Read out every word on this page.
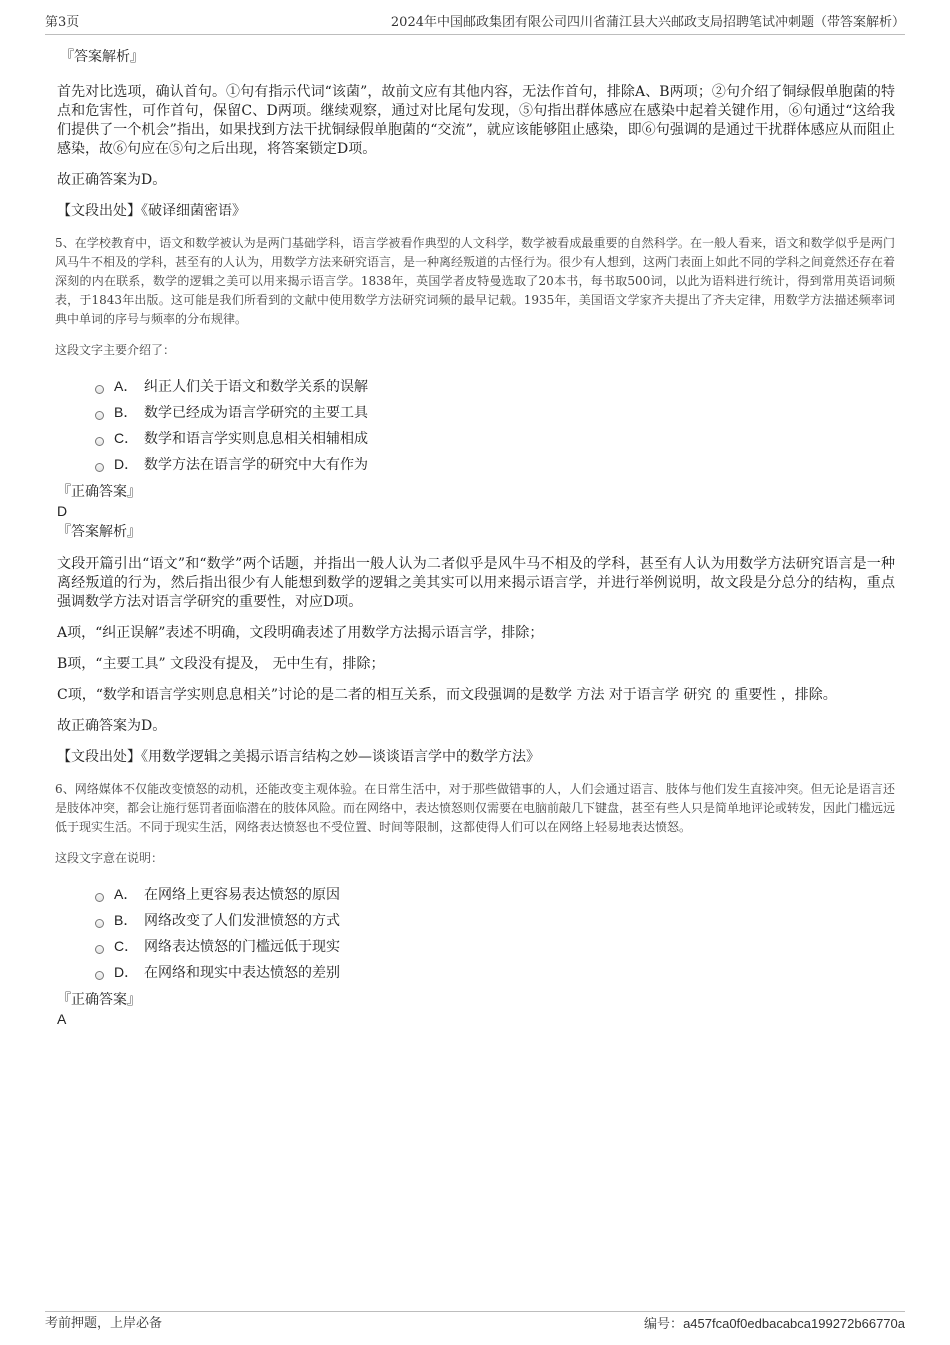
第3页	2024年中国邮政集团有限公司四川省蒲江县大兴邮政支局招聘笔试冲刺题（带答案解析）
『答案解析』
首先对比选项，确认首句。①句有指示代词“该菌”，故前文应有其他内容，无法作首句，排除A、B两项；②句介绍了铜绿假单胞菌的特点和危害性，可作首句，保留C、D两项。继续观察，通过对比尾句发现，⑤句指出群体感应在感染中起着关键作用，⑥句通过“这给我们提供了一个机会”指出，如果找到方法干扰铜绿假单胞菌的“交流”，就应该能够阻止感染，即⑥句强调的是通过干扰群体感应从而阻止感染，故⑥句应在⑤句之后出现，将答案锁定D项。
故正确答案为D。
【文段出处】《破译细菌密语》
5、在学校教育中，语文和数学被认为是两门基础学科，语言学被看作典型的人文科学，数学被看成最重要的自然科学。在一般人看来，语文和数学似乎是两门风马牛不相及的学科，甚至有的人认为，用数学方法来研究语言，是一种离经叛道的古怪行为。很少有人想到，这两门表面上如此不同的学科之间竟然还存在着深刻的内在联系，数学的逻辑之美可以用来揭示语言学。1838年，英国学者皮特曼选取了20本书，每书取500词，以此为语料进行统计，得到常用英语词频表，于1843年出版。这可能是我们所看到的文献中使用数学方法研究词频的最早记载。1935年，美国语文学家齐夫提出了齐夫定律，用数学方法描述频率词典中单词的序号与频率的分布规律。
这段文字主要介绍了：
A． 纠正人们关于语文和数学关系的误解
B． 数学已经成为语言学研究的主要工具
C． 数学和语言学实则息息相关相辅相成
D． 数学方法在语言学的研究中大有作为
『正确答案』
D
『答案解析』
文段开篇引出“语文”和“数学”两个话题，并指出一般人认为二者似乎是风牛马不相及的学科，甚至有人认为用数学方法研究语言是一种离经叛道的行为，然后指出很少有人能想到数学的逻辑之美其实可以用来揭示语言学，并进行举例说明，故文段是分总分的结构，重点强调数学方法对语言学研究的重要性，对应D项。
A项，“纠正误解”表述不明确，文段明确表述了用数学方法揭示语言学，排除；
B项，“主要工具” 文段没有提及， 无中生有，排除；
C项，“数学和语言学实则息息相关”讨论的是二者的相互关系，而文段强调的是数学 方法 对于语言学 研究 的 重要性 ，排除。
故正确答案为D。
【文段出处】《用数学逻辑之美揭示语言结构之妙—谈谈语言学中的数学方法》
6、网络媒体不仅能改变愤怒的动机，还能改变主观体验。在日常生活中，对于那些做错事的人，人们会通过语言、肢体与他们发生直接冲突。但无论是语言还是肢体冲突，都会让施行惩罚者面临潜在的肢体风险。而在网络中，表达愤怒则仅需要在电脑前敲几下键盘，甚至有些人只是简单地评论或转发，因此门槛远远低于现实生活。不同于现实生活，网络表达愤怒也不受位置、时间等限制，这都使得人们可以在网络上轻易地表达愤怒。
这段文字意在说明：
A． 在网络上更容易表达愤怒的原因
B． 网络改变了人们发泄愤怒的方式
C． 网络表达愤怒的门槛远低于现实
D． 在网络和现实中表达愤怒的差别
『正确答案』
A
考前押题，上岸必备	编号：a457fca0f0edbacabca199272b66770a
